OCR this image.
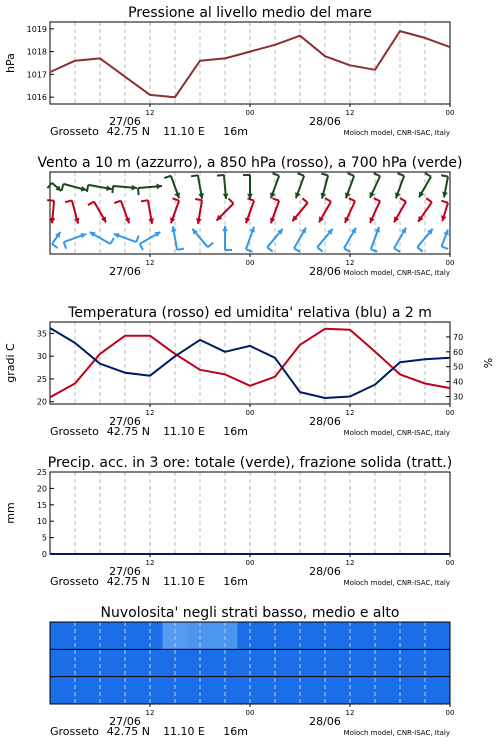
Pressione al livello medio del mare
Vento a 10 m (azzurro), a 850 hPa (rosso), a 700 hPa (verde)
Temperatura (rosso) ed umidita' relativa (blu) a 2 m
Precip. acc. in 3 ore: totale (verde), frazione solida (tratt.)
Nuvolosita' negli strati basso, medio e alto
1016
1017
1018
1019
hPa
12	00	12	00
27/06	28/06
Grosseto 42.75 N 11.10 E 16m	Moloch model, CNR-ISAC, Italy
12	00	12	00
27/06	28/06 Moloch model, CNR-ISAC, Italy
20
25
30
35
30
40
50
60
70
gradi C	%
12	00	12	00
27/06	28/06
Grosseto 42.75 N 11.10 E 16m	Moloch model, CNR-ISAC, Italy
0
5
10
15
20
25
mm
12	00	12	00
27/06	28/06
Grosseto 42.75 N 11.10 E 16m	Moloch model, CNR-ISAC, Italy
12	00	12	00
27/06	28/06
Grosseto 42.75 N 11.10 E 16m	Moloch model, CNR-ISAC, Italy
